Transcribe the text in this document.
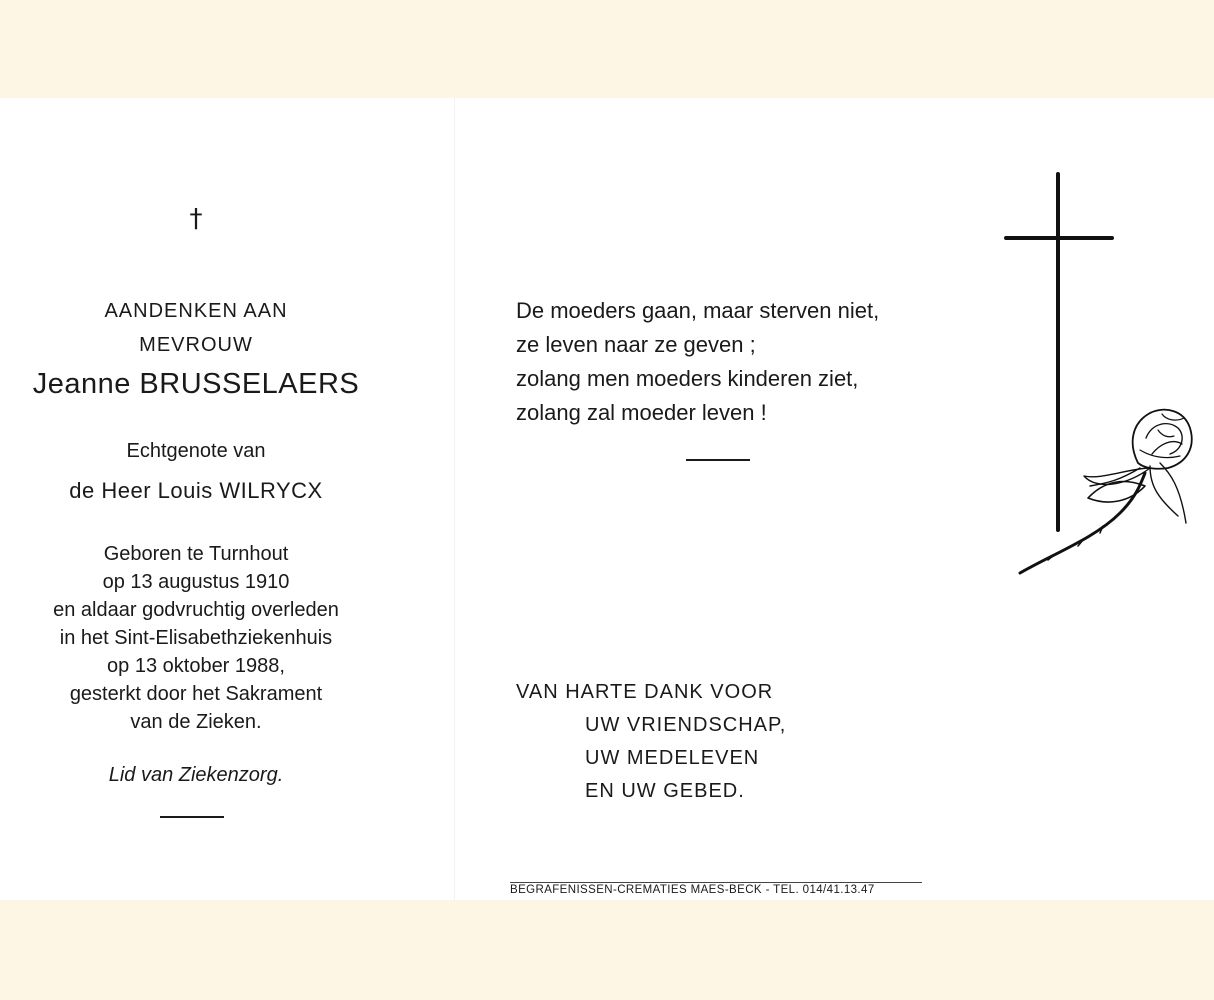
†
AANDENKEN AAN
MEVROUW
Jeanne BRUSSELAERS
Echtgenote van
de Heer Louis WILRYCX
Geboren te Turnhout
op 13 augustus 1910
en aldaar godvruchtig overleden
in het Sint-Elisabethziekenhuis
op 13 oktober 1988,
gesterkt door het Sakrament
van de Zieken.
Lid van Ziekenzorg.
De moeders gaan, maar sterven niet,
ze leven naar ze geven ;
zolang men moeders kinderen ziet,
zolang zal moeder leven !
VAN HARTE DANK VOOR
UW VRIENDSCHAP,
UW MEDELEVEN
EN UW GEBED.
BEGRAFENISSEN-CREMATIES MAES-BECK - TEL. 014/41.13.47
